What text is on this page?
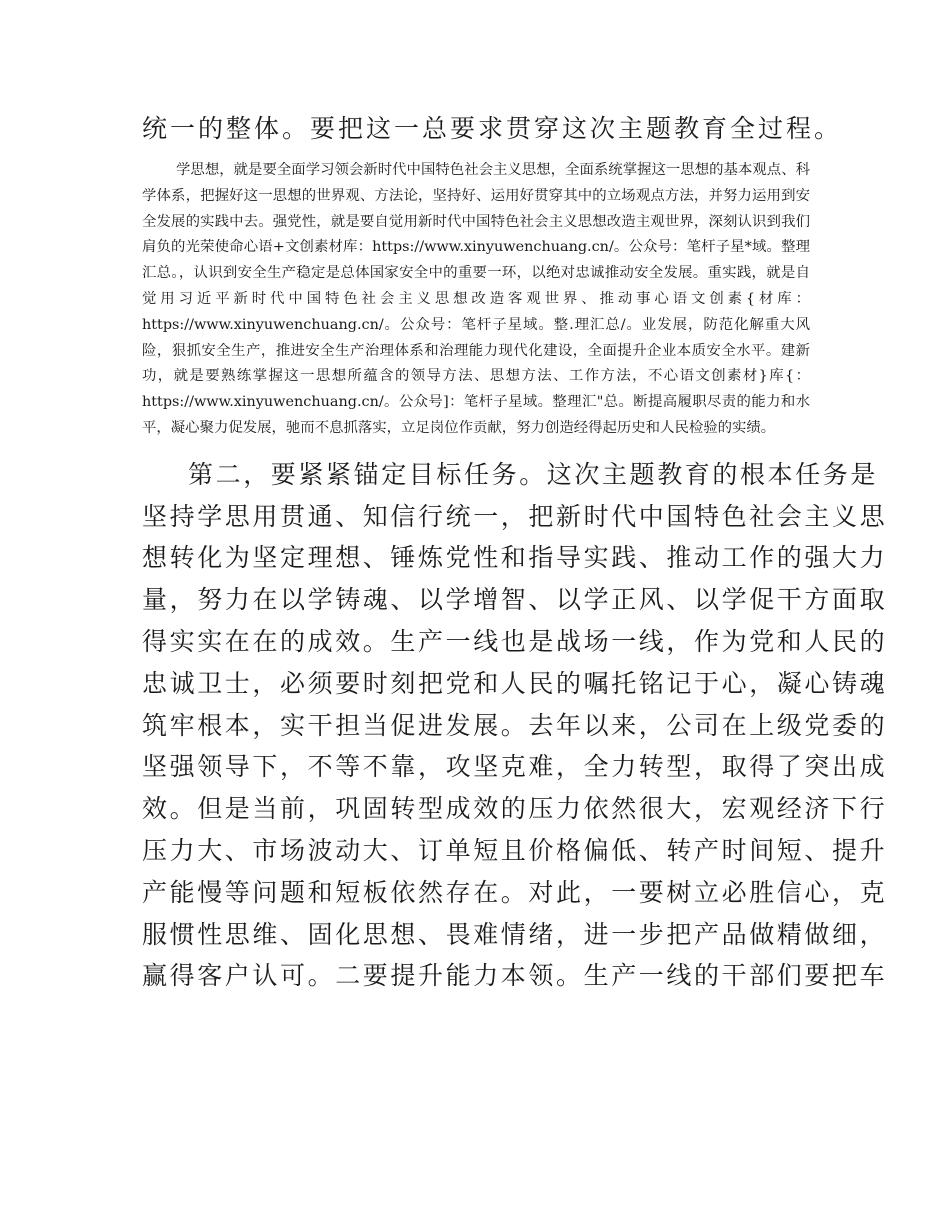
统一的整体。要把这一总要求贯穿这次主题教育全过程。

学思想，就是要全面学习领会新时代中国特色社会主义思想，全面系统掌握这一思想的基本观点、科学体系，把握好这一思想的世界观、方法论，坚持好、运用好贯穿其中的立场观点方法，并努力运用到安全发展的实践中去。强党性，就是要自觉用新时代中国特色社会主义思想改造主观世界，深刻认识到我们肩负的光荣使命心语+文创素材库：https://www.xinyuwenchuang.cn/。公众号：笔杆子星*域。整理汇总。，认识到安全生产稳定是总体国家安全中的重要一环，以绝对忠诚推动安全发展。重实践，就是自觉用习近平新时代中国特色社会主义思想改造客观世界、推动事心语文创素{材库：https://www.xinyuwenchuang.cn/。公众号：笔杆子星域。整.理汇总/。业发展，防范化解重大风险，狠抓安全生产，推进安全生产治理体系和治理能力现代化建设，全面提升企业本质安全水平。建新功，就是要熟练掌握这一思想所蕴含的领导方法、思想方法、工作方法，不心语文创素材}库{：https://www.xinyuwenchuang.cn/。公众号]：笔杆子星域。整理汇"总。断提高履职尽责的能力和水平，凝心聚力促发展，驰而不息抓落实，立足岗位作贡献，努力创造经得起历史和人民检验的实绩。

第二，要紧紧锚定目标任务。这次主题教育的根本任务是

坚持学思用贯通、知信行统一，把新时代中国特色社会主义思

想转化为坚定理想、锤炼党性和指导实践、推动工作的强大力

量，努力在以学铸魂、以学增智、以学正风、以学促干方面取

得实实在在的成效。生产一线也是战场一线，作为党和人民的

忠诚卫士，必须要时刻把党和人民的嘱托铭记于心，凝心铸魂

筑牢根本，实干担当促进发展。去年以来，公司在上级党委的

坚强领导下，不等不靠，攻坚克难，全力转型，取得了突出成

效。但是当前，巩固转型成效的压力依然很大，宏观经济下行

压力大、市场波动大、订单短且价格偏低、转产时间短、提升

产能慢等问题和短板依然存在。对此，一要树立必胜信心，克

服惯性思维、固化思想、畏难情绪，进一步把产品做精做细，

赢得客户认可。二要提升能力本领。生产一线的干部们要把车
